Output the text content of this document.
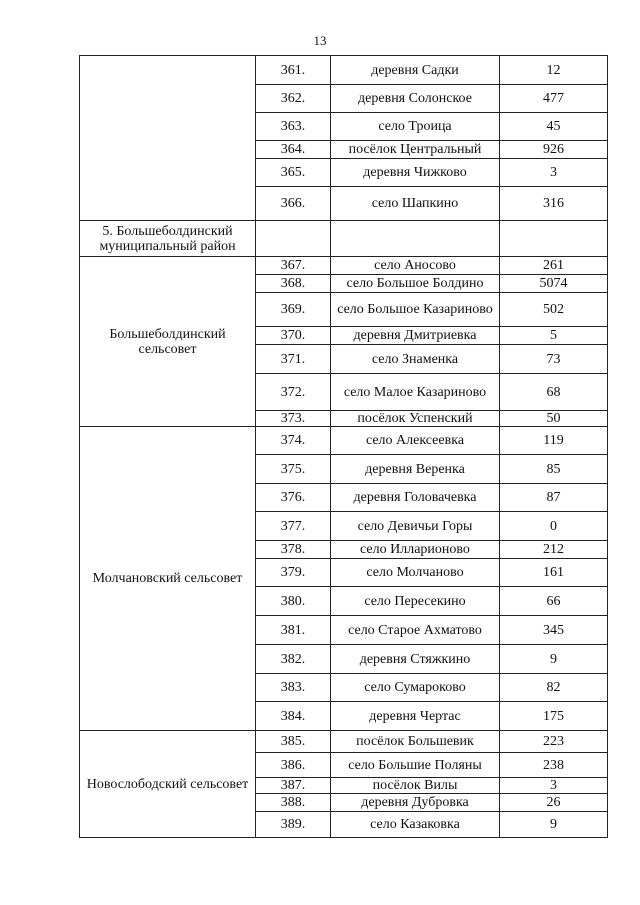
13
	361.	деревня Садки	12
	362.	деревня Солонское	477
	363.	село Троица	45
	364.	посёлок Центральный	926
	365.	деревня Чижково	3
	366.	село Шапкино	316
5. Большеболдинский муниципальный район			
Большеболдинский сельсовет	367.	село Аносово	261
	368.	село Большое Болдино	5074
	369.	село Большое Казариново	502
	370.	деревня Дмитриевка	5
	371.	село Знаменка	73
	372.	село Малое Казариново	68
	373.	посёлок Успенский	50
Молчановский сельсовет	374.	село Алексеевка	119
	375.	деревня Веренка	85
	376.	деревня Головачевка	87
	377.	село Девичьи Горы	0
	378.	село Илларионово	212
	379.	село Молчаново	161
	380.	село Пересекино	66
	381.	село Старое Ахматово	345
	382.	деревня Стяжкино	9
	383.	село Сумароково	82
	384.	деревня Чертас	175
Новослободский сельсовет	385.	посёлок Большевик	223
	386.	село Большие Поляны	238
	387.	посёлок Вилы	3
	388.	деревня Дубровка	26
	389.	село Казаковка	9
